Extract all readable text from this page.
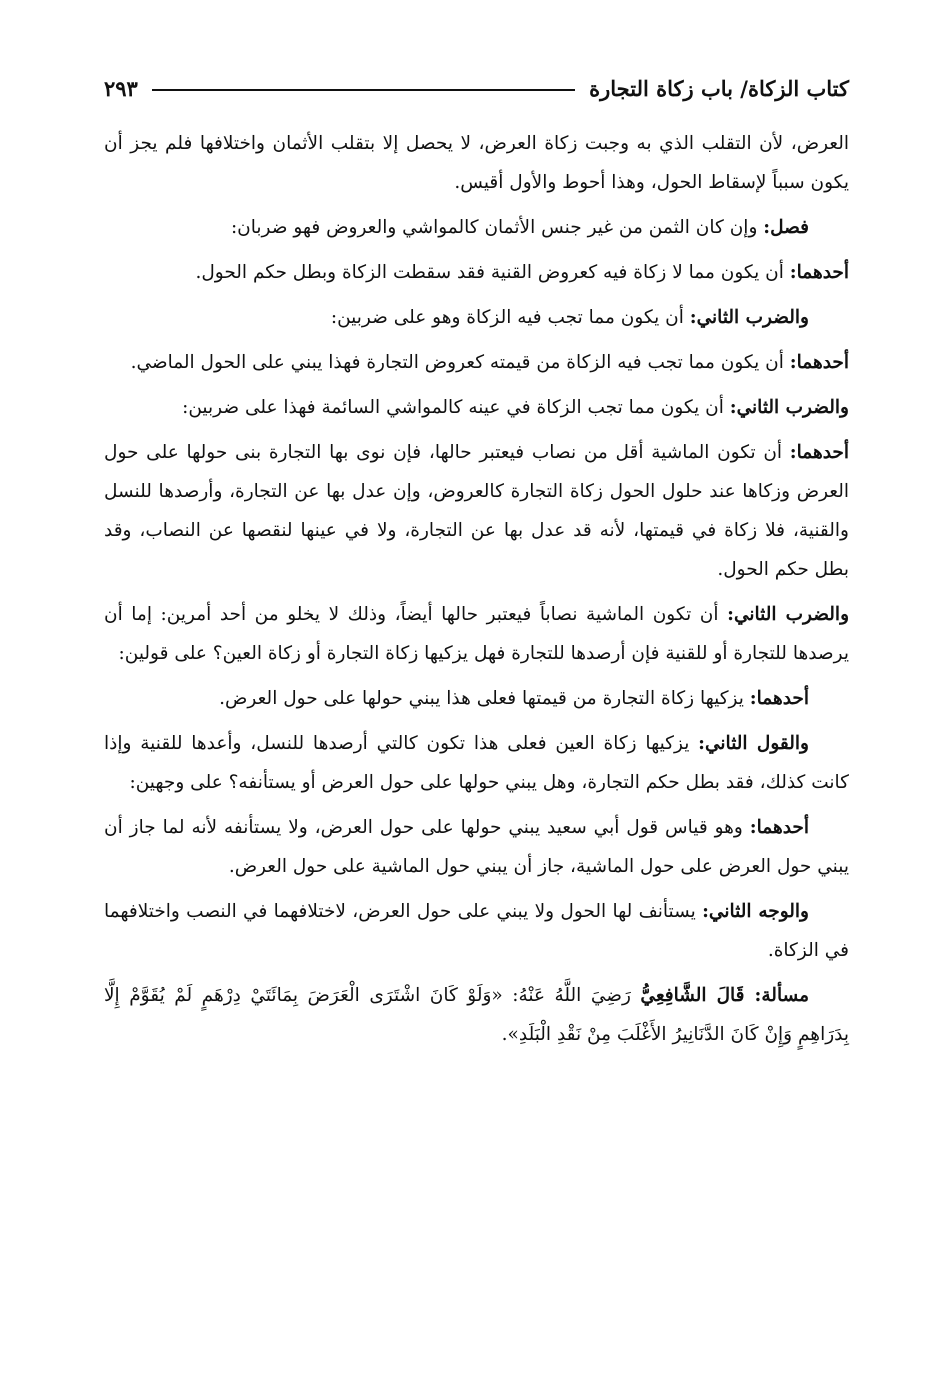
كتاب الزكاة/ باب زكاة التجارة
٢٩٣

العرض، لأن التقلب الذي به وجبت زكاة العرض، لا يحصل إلا بتقلب الأثمان واختلافها فلم يجز أن يكون سبباً لإسقاط الحول، وهذا أحوط والأول أقيس.

فصل: وإن كان الثمن من غير جنس الأثمان كالمواشي والعروض فهو ضربان:

أحدهما: أن يكون مما لا زكاة فيه كعروض القنية فقد سقطت الزكاة وبطل حكم الحول.

والضرب الثاني: أن يكون مما تجب فيه الزكاة وهو على ضربين:

أحدهما: أن يكون مما تجب فيه الزكاة من قيمته كعروض التجارة فهذا يبني على الحول الماضي.

والضرب الثاني: أن يكون مما تجب الزكاة في عينه كالمواشي السائمة فهذا على ضربين:

أحدهما: أن تكون الماشية أقل من نصاب فيعتبر حالها، فإن نوى بها التجارة بنى حولها على حول العرض وزكاها عند حلول الحول زكاة التجارة كالعروض، وإن عدل بها عن التجارة، وأرصدها للنسل والقنية، فلا زكاة في قيمتها، لأنه قد عدل بها عن التجارة، ولا في عينها لنقصها عن النصاب، وقد بطل حكم الحول.

والضرب الثاني: أن تكون الماشية نصاباً فيعتبر حالها أيضاً، وذلك لا يخلو من أحد أمرين: إما أن يرصدها للتجارة أو للقنية فإن أرصدها للتجارة فهل يزكيها زكاة التجارة أو زكاة العين؟ على قولين:

أحدهما: يزكيها زكاة التجارة من قيمتها فعلى هذا يبني حولها على حول العرض.

والقول الثاني: يزكيها زكاة العين فعلى هذا تكون كالتي أرصدها للنسل، وأعدها للقنية وإذا كانت كذلك، فقد بطل حكم التجارة، وهل يبني حولها على حول العرض أو يستأنفه؟ على وجهين:

أحدهما: وهو قياس قول أبي سعيد يبني حولها على حول العرض، ولا يستأنفه لأنه لما جاز أن يبني حول العرض على حول الماشية، جاز أن يبني حول الماشية على حول العرض.

والوجه الثاني: يستأنف لها الحول ولا يبني على حول العرض، لاختلافهما في النصب واختلافهما في الزكاة.

مسألة: قَالَ الشَّافِعِيُّ رَضِيَ اللَّهُ عَنْهُ: «وَلَوْ كَانَ اشْتَرَى الْعَرَضَ بِمَائَتَيْ دِرْهَمٍ لَمْ يُقَوَّمْ إِلَّا بِدَرَاهِمٍ وَإِنْ كَانَ الدَّنَانِيرُ الأَغْلَبَ مِنْ نَقْدِ الْبَلَدِ».
